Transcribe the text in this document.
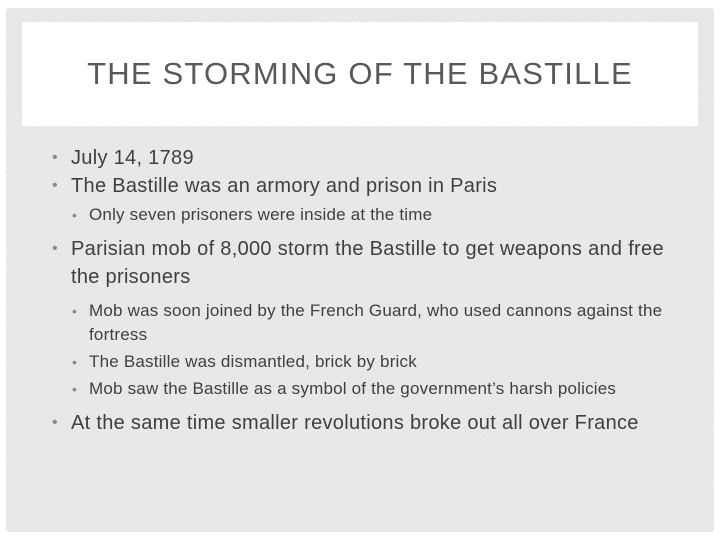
THE STORMING OF THE BASTILLE
• July 14, 1789
• The Bastille was an armory and prison in Paris
• Only seven prisoners were inside at the time
• Parisian mob of 8,000 storm the Bastille to get weapons and free the prisoners
• Mob was soon joined by the French Guard, who used cannons against the fortress
• The Bastille was dismantled, brick by brick
• Mob saw the Bastille as a symbol of the government’s harsh policies
• At the same time smaller revolutions broke out all over France
